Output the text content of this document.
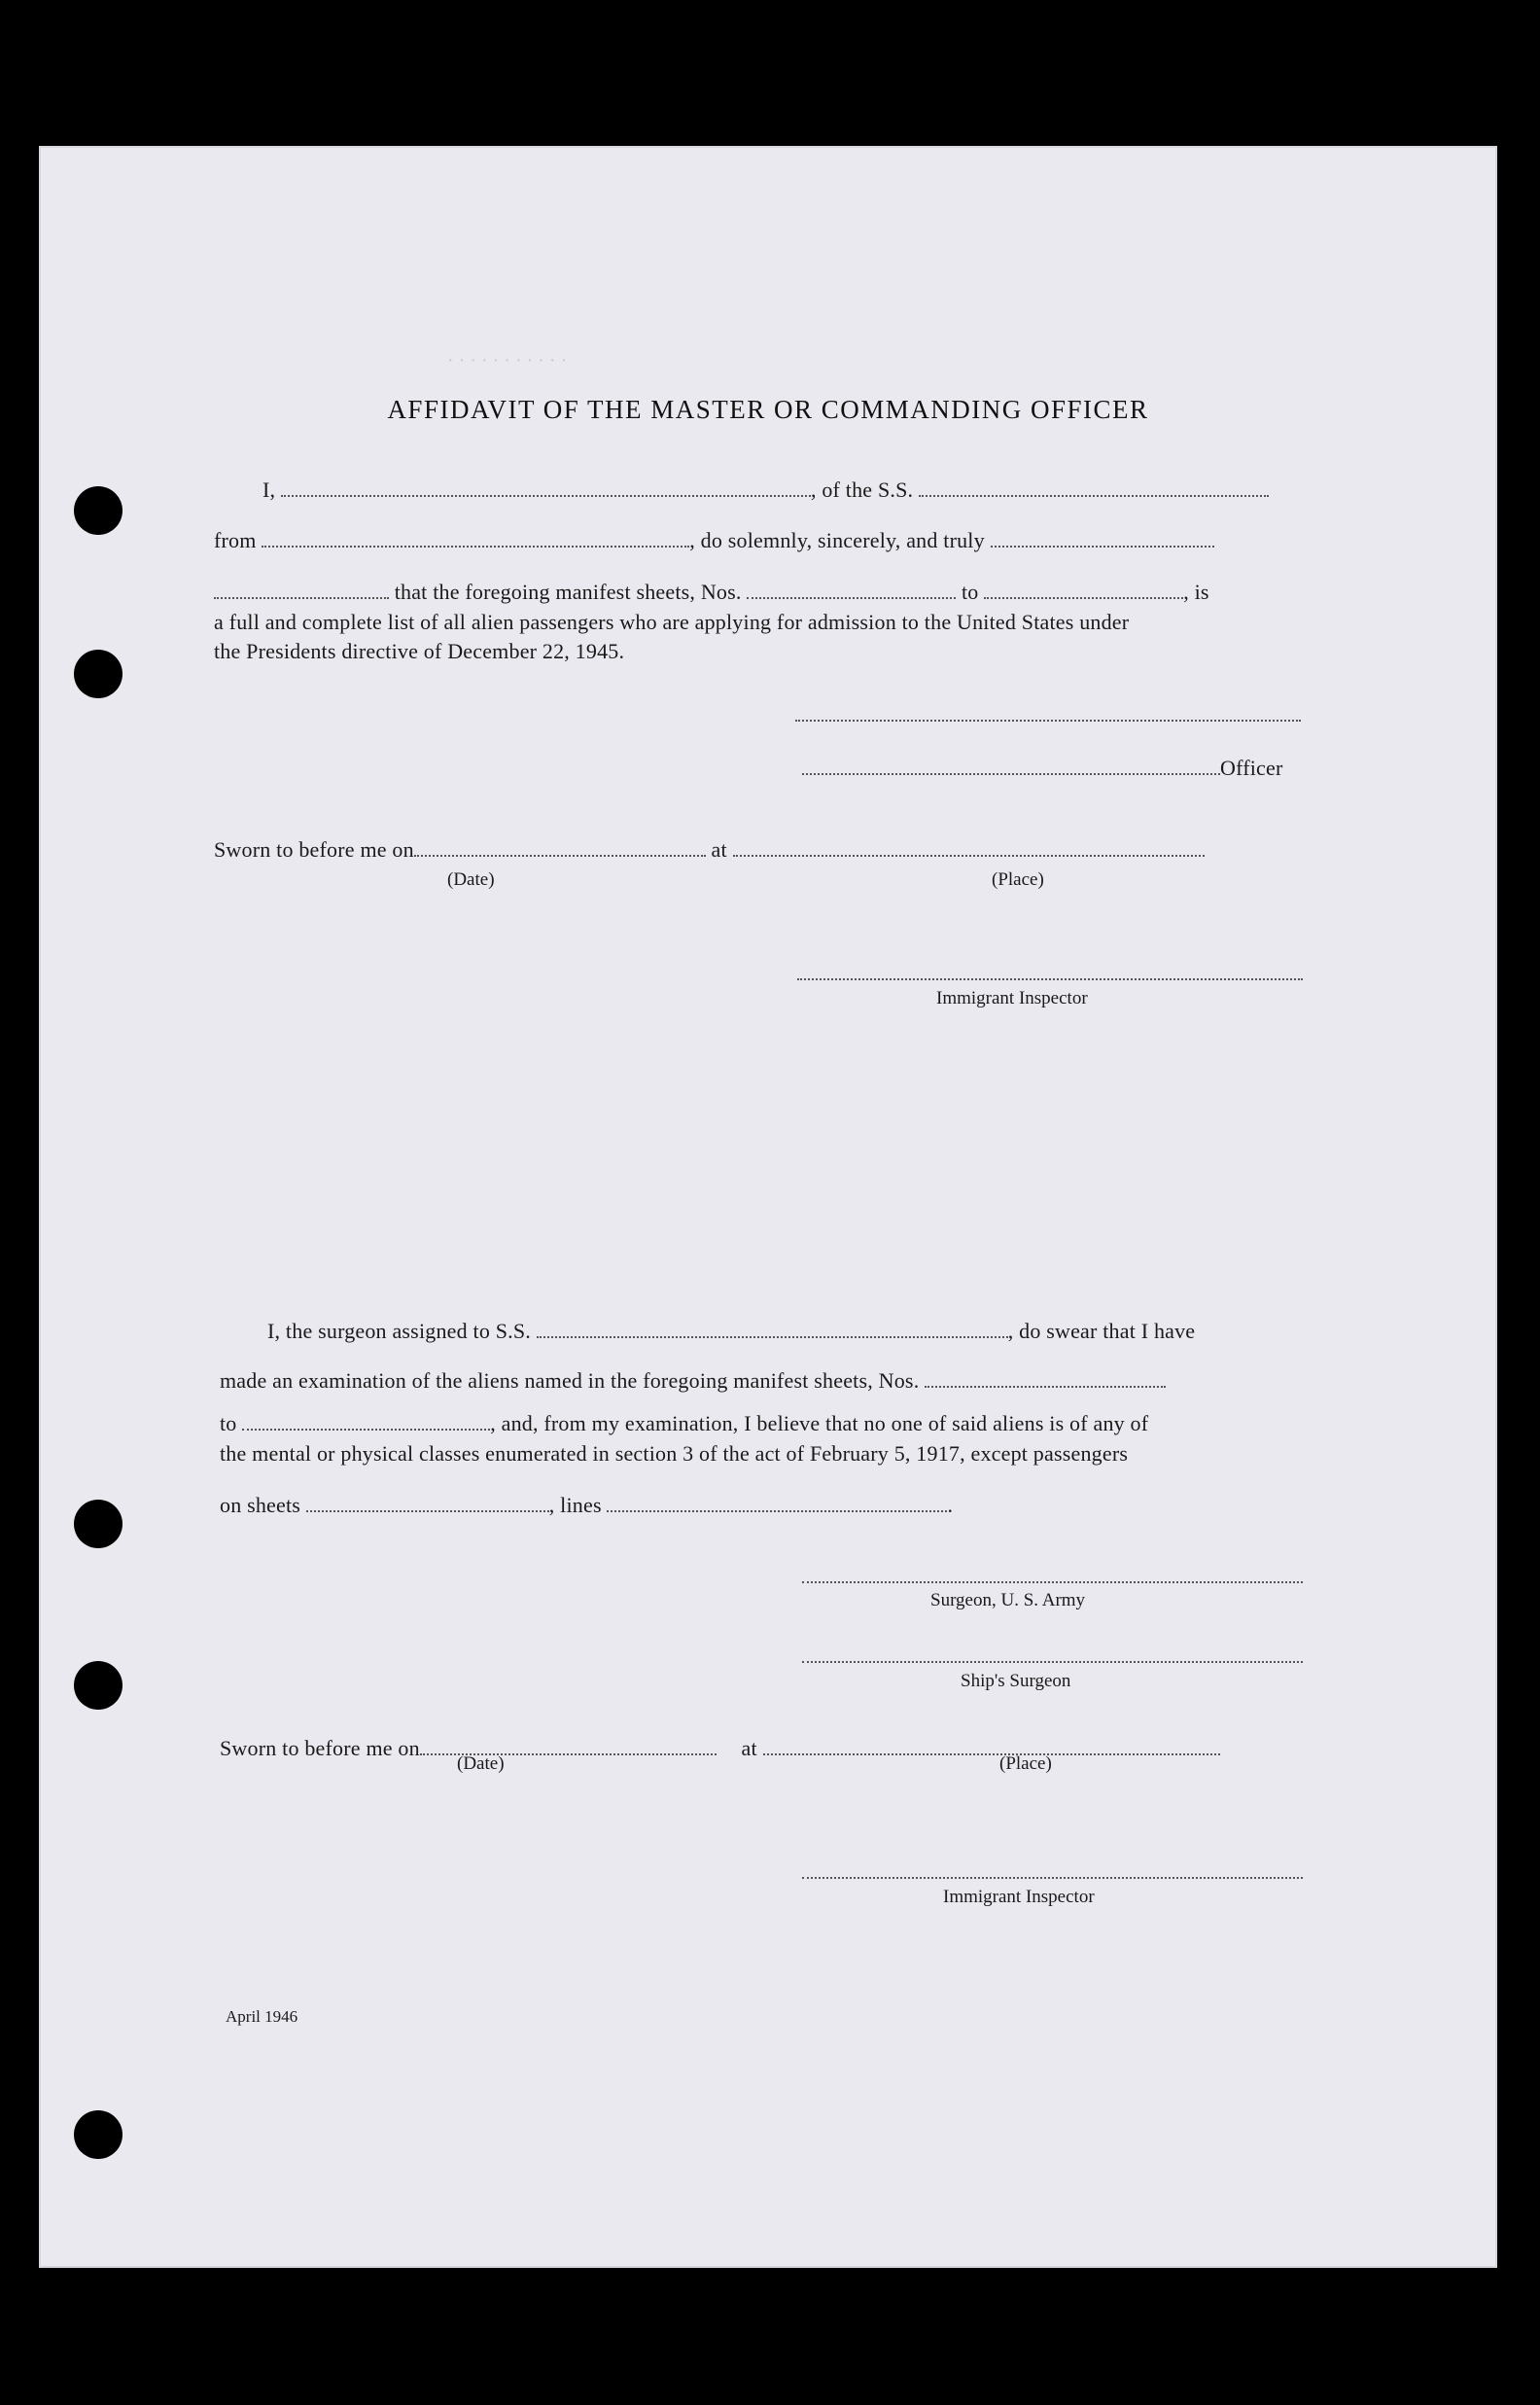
· · · · · · · · · · ·
AFFIDAVIT OF THE MASTER OR COMMANDING OFFICER
I,	, of the S.S.
from	, do solemnly, sincerely, and truly
that the foregoing manifest sheets, Nos.	to	, is
a full and complete list of all alien passengers who are applying for admission to the United States under
the Presidents directive of December 22, 1945.
Officer
Sworn to before me on	at
(Date)	(Place)
Immigrant Inspector
I, the surgeon assigned to S.S.	, do swear that I have
made an examination of the aliens named in the foregoing manifest sheets, Nos.
to	, and, from my examination, I believe that no one of said aliens is of any of
the mental or physical classes enumerated in section 3 of the act of February 5, 1917, except passengers
on sheets	, lines	.
Surgeon, U. S. Army
Ship's Surgeon
Sworn to before me on	at
(Date)	(Place)
Immigrant Inspector
April 1946
